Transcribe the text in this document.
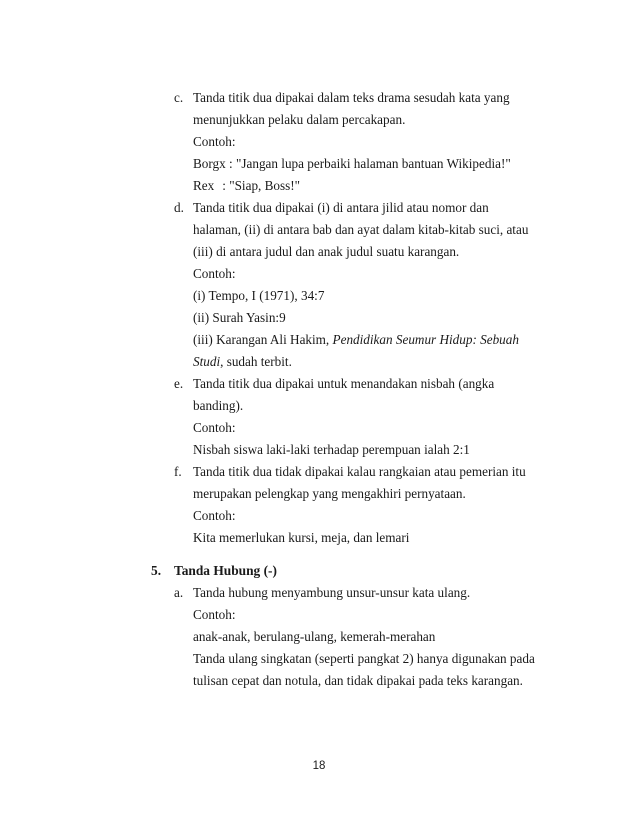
c. Tanda titik dua dipakai dalam teks drama sesudah kata yang
menunjukkan pelaku dalam percakapan.
Contoh:
Borgx : "Jangan lupa perbaiki halaman bantuan Wikipedia!"
Rex : "Siap, Boss!"
d. Tanda titik dua dipakai (i) di antara jilid atau nomor dan
halaman, (ii) di antara bab dan ayat dalam kitab-kitab suci, atau
(iii) di antara judul dan anak judul suatu karangan.
Contoh:
(i) Tempo, I (1971), 34:7
(ii) Surah Yasin:9
(iii) Karangan Ali Hakim, Pendidikan Seumur Hidup: Sebuah
Studi, sudah terbit.
e. Tanda titik dua dipakai untuk menandakan nisbah (angka
banding).
Contoh:
Nisbah siswa laki-laki terhadap perempuan ialah 2:1
f. Tanda titik dua tidak dipakai kalau rangkaian atau pemerian itu
merupakan pelengkap yang mengakhiri pernyataan.
Contoh:
Kita memerlukan kursi, meja, dan lemari
5. Tanda Hubung (-)
a. Tanda hubung menyambung unsur-unsur kata ulang.
Contoh:
anak-anak, berulang-ulang, kemerah-merahan
Tanda ulang singkatan (seperti pangkat 2) hanya digunakan pada
tulisan cepat dan notula, dan tidak dipakai pada teks karangan.
18
